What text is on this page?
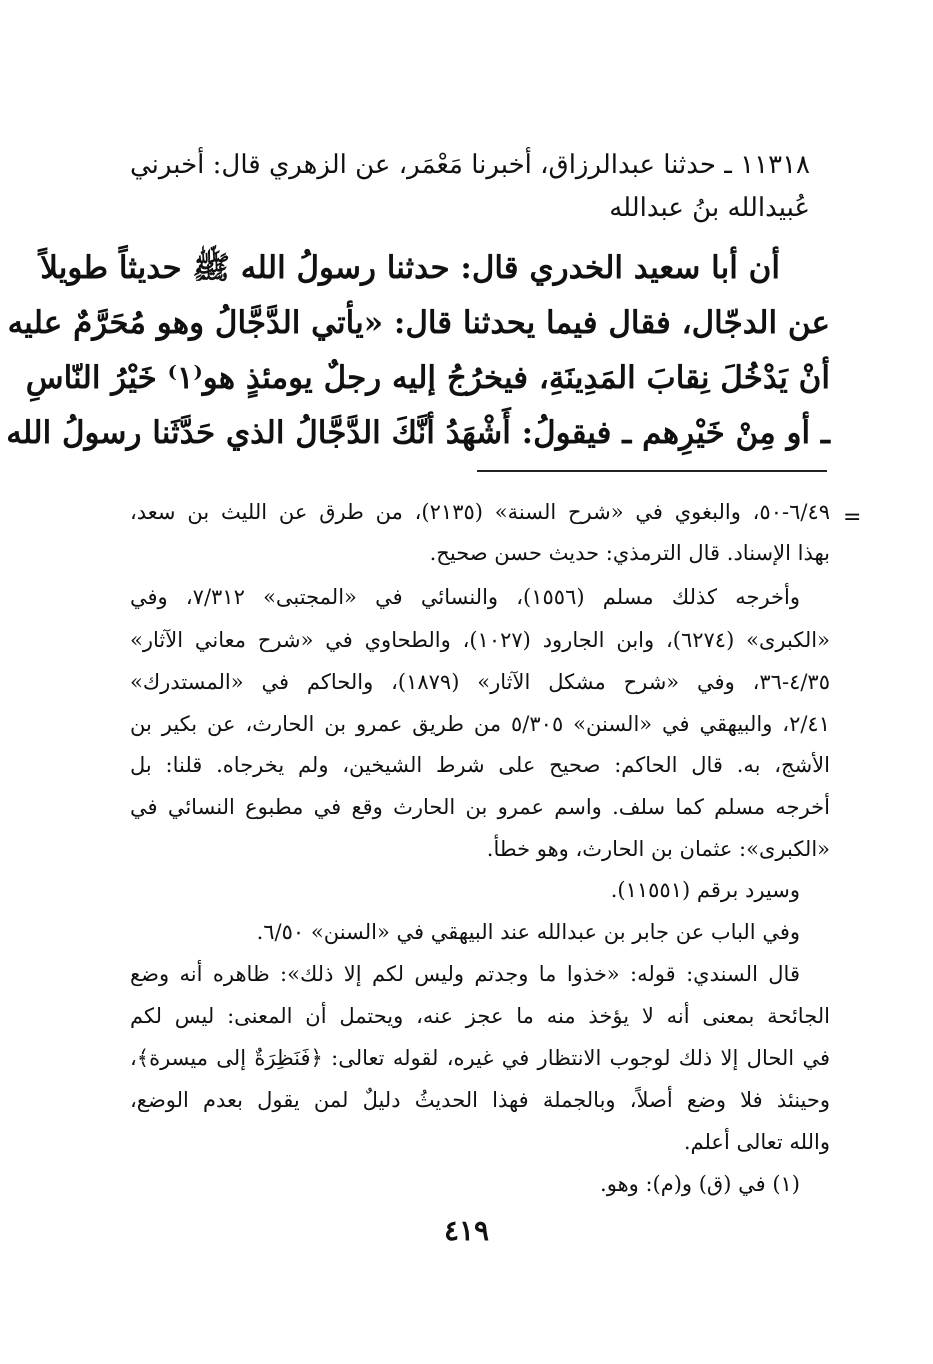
١١٣١٨ ـ حدثنا عبدالرزاق، أخبرنا مَعْمَر، عن الزهري قال: أخبرني
عُبيدالله بنُ عبدالله
أن أبا سعيد الخدري قال: حدثنا رسولُ الله ﷺ حديثاً طويلاً
عن الدجّال، فقال فيما يحدثنا قال: «يأتي الدَّجَّالُ وهو مُحَرَّمٌ عليه
أنْ يَدْخُلَ نِقابَ المَدِينَةِ، فيخرُجُ إليه رجلٌ يومئذٍ هو⁽١⁾ خَيْرُ النّاسِ
ـ أو مِنْ خَيْرِهم ـ فيقولُ: أَشْهَدُ أنَّكَ الدَّجَّالُ الذي حَدَّثَنا رسولُ الله
=
٦/٤٩-٥٠، والبغوي في «شرح السنة» (٢١٣٥)، من طرق عن الليث بن سعد،
بهذا الإسناد. قال الترمذي: حديث حسن صحيح.
وأخرجه كذلك مسلم (١٥٥٦)، والنسائي في «المجتبى» ٧/٣١٢، وفي
«الكبرى» (٦٢٧٤)، وابن الجارود (١٠٢٧)، والطحاوي في «شرح معاني الآثار»
٤/٣٥-٣٦، وفي «شرح مشكل الآثار» (١٨٧٩)، والحاكم في «المستدرك»
٢/٤١، والبيهقي في «السنن» ٥/٣٠٥ من طريق عمرو بن الحارث، عن بكير بن
الأشج، به. قال الحاكم: صحيح على شرط الشيخين، ولم يخرجاه. قلنا: بل
أخرجه مسلم كما سلف. واسم عمرو بن الحارث وقع في مطبوع النسائي في
«الكبرى»: عثمان بن الحارث، وهو خطأ.
وسيرد برقم (١١٥٥١).
وفي الباب عن جابر بن عبدالله عند البيهقي في «السنن» ٦/٥٠.
قال السندي: قوله: «خذوا ما وجدتم وليس لكم إلا ذلك»: ظاهره أنه وضع
الجائحة بمعنى أنه لا يؤخذ منه ما عجز عنه، ويحتمل أن المعنى: ليس لكم
في الحال إلا ذلك لوجوب الانتظار في غيره، لقوله تعالى: ﴿فَنَظِرَةٌ إلى ميسرة﴾،
وحينئذ فلا وضع أصلاً، وبالجملة فهذا الحديثُ دليلٌ لمن يقول بعدم الوضع،
والله تعالى أعلم.
(١) في (ق) و(م): وهو.
٤١٩
